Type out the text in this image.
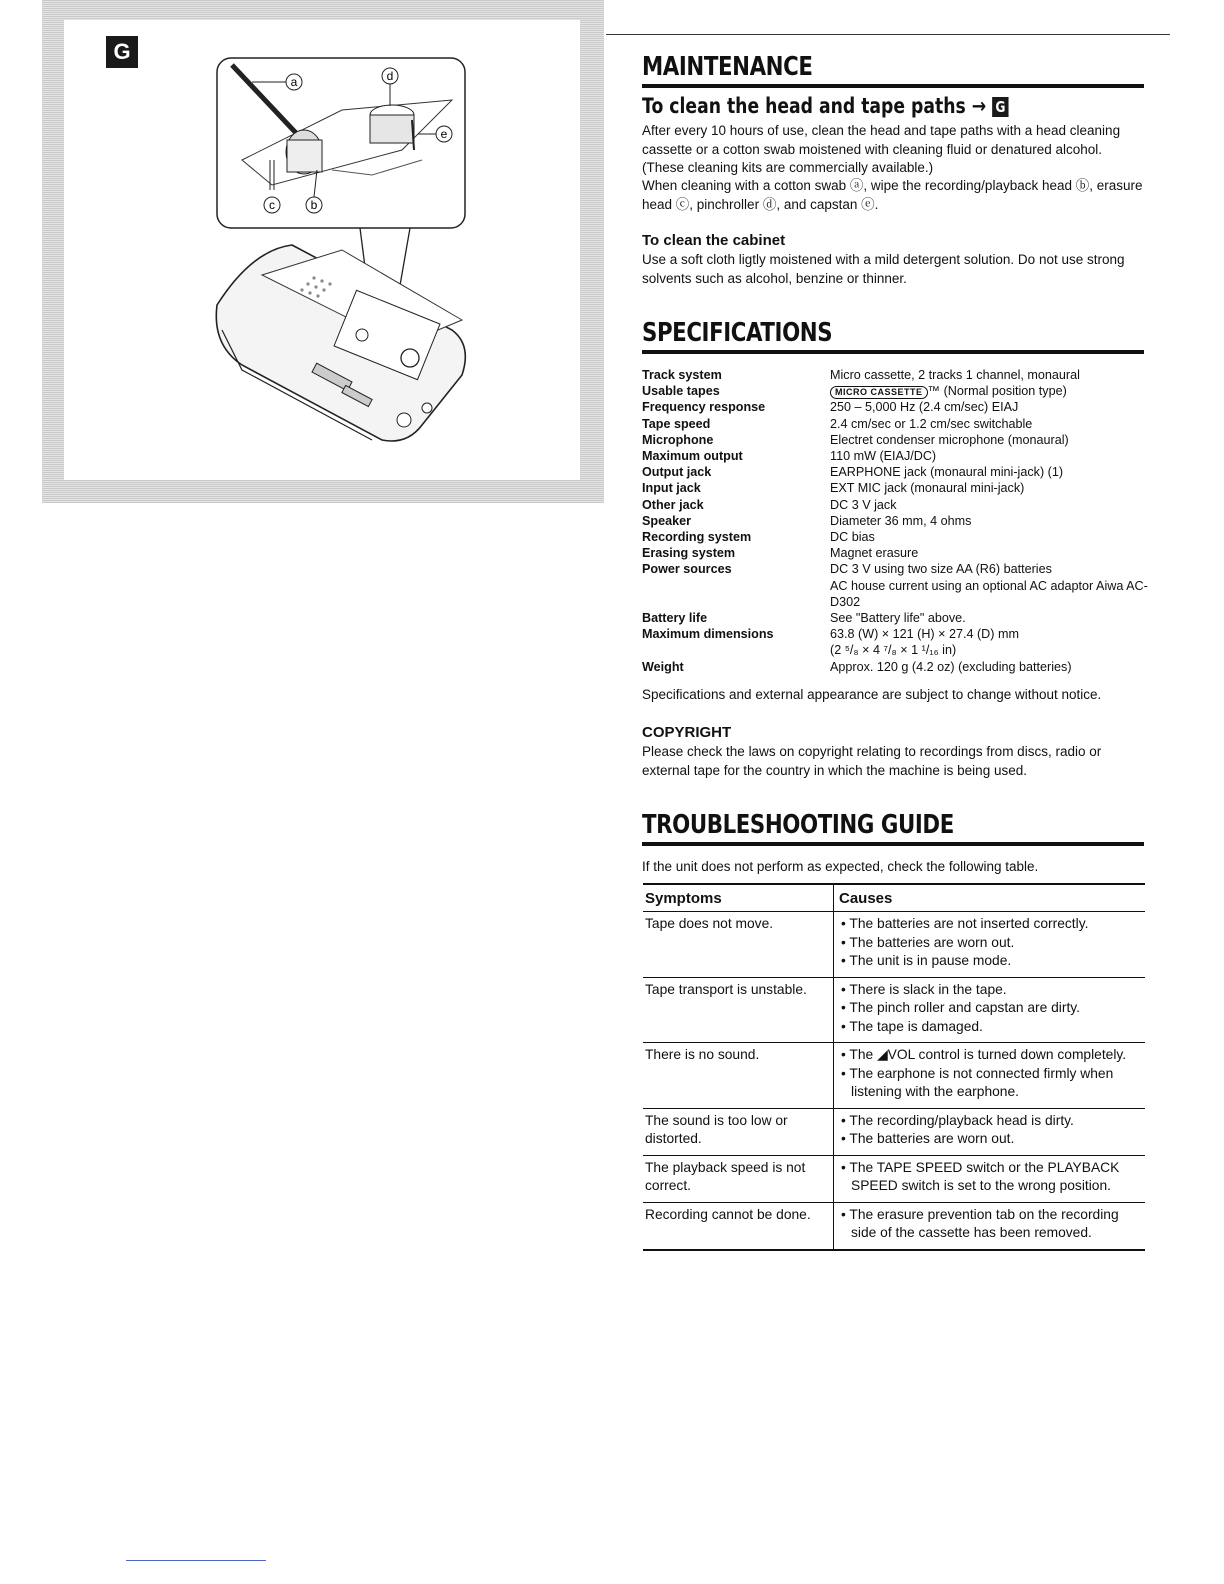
G
a	d
e
c	b
MAINTENANCE
To clean the head and tape paths → G
After every 10 hours of use, clean the head and tape paths with a head cleaning cassette or a cotton swab moistened with cleaning fluid or denatured alcohol. (These cleaning kits are commercially available.)
When cleaning with a cotton swab ⓐ, wipe the recording/playback head ⓑ, erasure head ⓒ, pinchroller ⓓ, and capstan ⓔ.
To clean the cabinet
Use a soft cloth ligtly moistened with a mild detergent solution. Do not use strong solvents such as alcohol, benzine or thinner.
SPECIFICATIONS
Track system	Micro cassette, 2 tracks 1 channel, monaural
Usable tapes	MICRO CASSETTE ™ (Normal position type)
Frequency response	250 – 5,000 Hz (2.4 cm/sec) EIAJ
Tape speed	2.4 cm/sec or 1.2 cm/sec switchable
Microphone	Electret condenser microphone (monaural)
Maximum output	110 mW (EIAJ/DC)
Output jack	EARPHONE jack (monaural mini-jack) (1)
Input jack	EXT MIC jack (monaural mini-jack)
Other jack	DC 3 V jack
Speaker	Diameter 36 mm, 4 ohms
Recording system	DC bias
Erasing system	Magnet erasure
Power sources	DC 3 V using two size AA (R6) batteries
AC house current using an optional AC adaptor Aiwa AC-D302
Battery life	See "Battery life" above.
Maximum dimensions	63.8 (W) × 121 (H) × 27.4 (D) mm
(2 ⁵/₈ × 4 ⁷/₈ × 1 ¹/₁₆ in)
Weight	Approx. 120 g (4.2 oz) (excluding batteries)
Specifications and external appearance are subject to change without notice.
COPYRIGHT
Please check the laws on copyright relating to recordings from discs, radio or external tape for the country in which the machine is being used.
TROUBLESHOOTING GUIDE
If the unit does not perform as expected, check the following table.
Symptoms	Causes
Tape does not move.	• The batteries are not inserted correctly.
• The batteries are worn out.
• The unit is in pause mode.

Tape transport is unstable.	• There is slack in the tape.
• The pinch roller and capstan are dirty.
• The tape is damaged.

There is no sound.	• The ◢VOL control is turned down completely.
• The earphone is not connected firmly when listening with the earphone.

The sound is too low or distorted.	• The recording/playback head is dirty.
• The batteries are worn out.

The playback speed is not correct.	• The TAPE SPEED switch or the PLAYBACK SPEED switch is set to the wrong position.

Recording cannot be done.	• The erasure prevention tab on the recording side of the cassette has been removed.
